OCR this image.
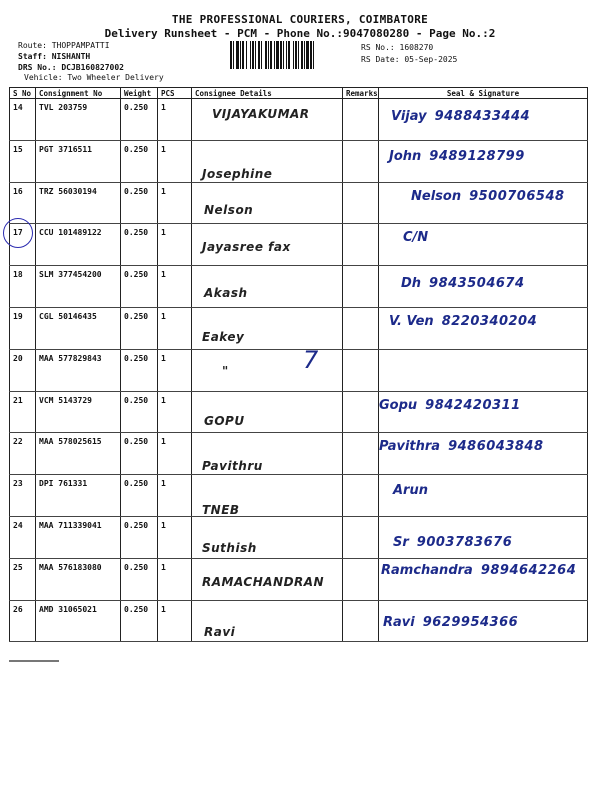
THE PROFESSIONAL COURIERS, COIMBATORE
Delivery Runsheet - PCM - Phone No.:9047080280 - Page No.:2
Route: THOPPAMPATTI
Staff: NISHANTH
DRS No.: DCJB160827002
Vehicle: Two Wheeler Delivery
RS No.: 1608270
RS Date: 05-Sep-2025
S No	Consignment No	Weight	PCS	Consignee Details	Remarks	Seal & Signature

14	TVL 203759	0.250	1	VIJAYAKUMAR		Vijay 9488433444

15	PGT 3716511	0.250	1	Josephine		John 9489128799

16	TRZ 56030194	0.250	1	Nelson		Nelson 9500706548

17	CCU 101489122	0.250	1	Jayasree fax		C/N

18	SLM 377454200	0.250	1	Akash		Dh 9843504674

19	CGL 50146435	0.250	1	Eakey		V. Ven 8220340204

20	MAA 577829843	0.250	1	"		

21	VCM 5143729	0.250	1	GOPU		Gopu 9842420311

22	MAA 578025615	0.250	1	Pavithru		Pavithra 9486043848

23	DPI 761331	0.250	1	TNEB		Arun

24	MAA 711339041	0.250	1	Suthish		Sr 9003783676

25	MAA 576183080	0.250	1	RAMACHANDRAN		Ramchandra 9894642264

26	AMD 31065021	0.250	1	Ravi		Ravi 9629954366
7
